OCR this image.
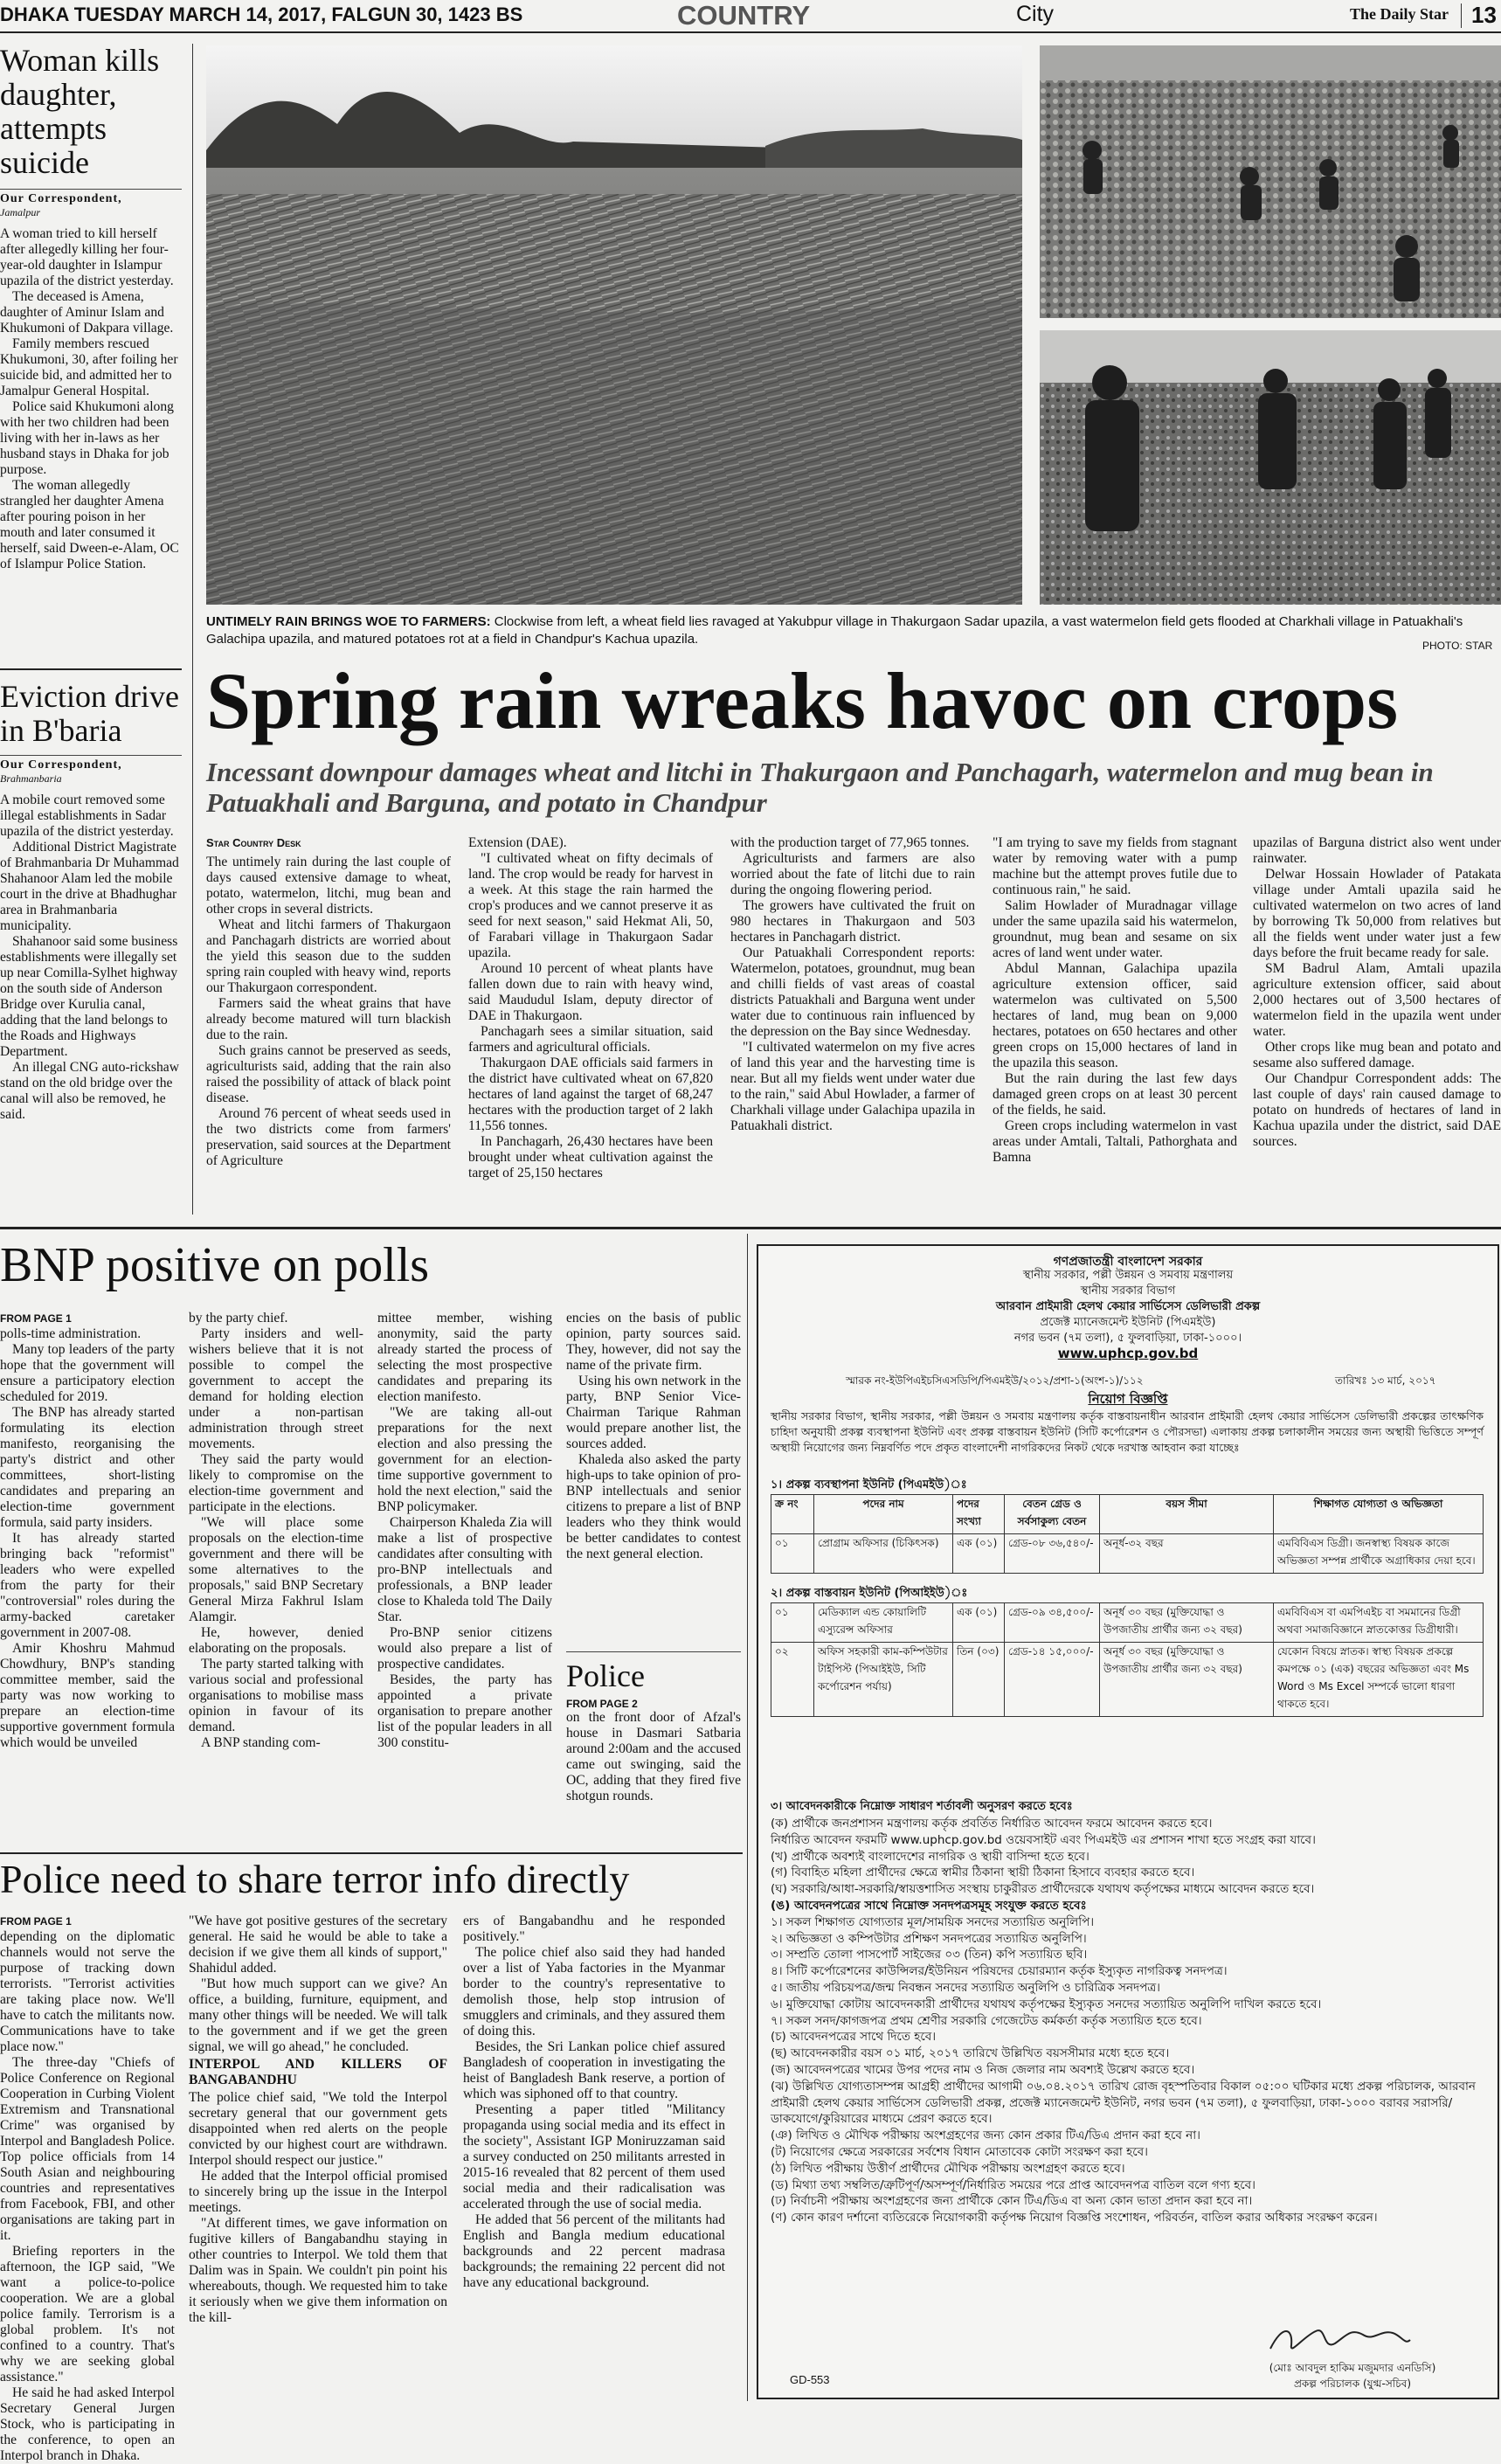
DHAKA TUESDAY MARCH 14, 2017, FALGUN 30, 1423 BS	COUNTRY	City	The Daily Star 13
Woman kills daughter, attempts suicide
Our Correspondent,
Jamalpur

A woman tried to kill herself after allegedly killing her four-year-old daughter in Islampur upazila of the district yesterday.

The deceased is Amena, daughter of Aminur Islam and Khukumoni of Dakpara village.

Family members rescued Khukumoni, 30, after foiling her suicide bid, and admitted her to Jamalpur General Hospital.

Police said Khukumoni along with her two children had been living with her in-laws as her husband stays in Dhaka for job purpose.

The woman allegedly strangled her daughter Amena after pouring poison in her mouth and later consumed it herself, said Dween-e-Alam, OC of Islampur Police Station.

Eviction drive in B'baria
Our Correspondent,
Brahmanbaria

A mobile court removed some illegal establishments in Sadar upazila of the district yesterday.

Additional District Magistrate of Brahmanbaria Dr Muhammad Shahanoor Alam led the mobile court in the drive at Bhadhughar area in Brahmanbaria municipality.

Shahanoor said some business establishments were illegally set up near Comilla-Sylhet highway on the south side of Anderson Bridge over Kurulia canal, adding that the land belongs to the Roads and Highways Department.

An illegal CNG auto-rickshaw stand on the old bridge over the canal will also be removed, he said.

UNTIMELY RAIN BRINGS WOE TO FARMERS: Clockwise from left, a wheat field lies ravaged at Yakubpur village in Thakurgaon Sadar upazila, a vast watermelon field gets flooded at Charkhali village in Patuakhali's Galachipa upazila, and matured potatoes rot at a field in Chandpur's Kachua upazila.	PHOTO: STAR
Spring rain wreaks havoc on crops
Incessant downpour damages wheat and litchi in Thakurgaon and Panchagarh, watermelon and mug bean in Patuakhali and Barguna, and potato in Chandpur
Star Country Desk

The untimely rain during the last couple of days caused extensive damage to wheat, potato, watermelon, litchi, mug bean and other crops in several districts.

Wheat and litchi farmers of Thakurgaon and Panchagarh districts are worried about the yield this season due to the sudden spring rain coupled with heavy wind, reports our Thakurgaon correspondent.

Farmers said the wheat grains that have already become matured will turn blackish due to the rain.

Such grains cannot be preserved as seeds, agriculturists said, adding that the rain also raised the possibility of attack of black point disease.

Around 76 percent of wheat seeds used in the two districts come from farmers' preservation, said sources at the Department of Agriculture

Extension (DAE).

"I cultivated wheat on fifty decimals of land. The crop would be ready for harvest in a week. At this stage the rain harmed the crop's produces and we cannot preserve it as seed for next season," said Hekmat Ali, 50, of Farabari village in Thakurgaon Sadar upazila.

Around 10 percent of wheat plants have fallen down due to rain with heavy wind, said Maududul Islam, deputy director of DAE in Thakurgaon.

Panchagarh sees a similar situation, said farmers and agricultural officials.

Thakurgaon DAE officials said farmers in the district have cultivated wheat on 67,820 hectares of land against the target of 68,247 hectares with the production target of 2 lakh 11,556 tonnes.

In Panchagarh, 26,430 hectares have been brought under wheat cultivation against the target of 25,150 hectares

with the production target of 77,965 tonnes.

Agriculturists and farmers are also worried about the fate of litchi due to rain during the ongoing flowering period.

The growers have cultivated the fruit on 980 hectares in Thakurgaon and 503 hectares in Panchagarh district.

Our Patuakhali Correspondent reports: Watermelon, potatoes, groundnut, mug bean and chilli fields of vast areas of coastal districts Patuakhali and Barguna went under water due to continuous rain influenced by the depression on the Bay since Wednesday.

"I cultivated watermelon on my five acres of land this year and the harvesting time is near. But all my fields went under water due to the rain," said Abul Howlader, a farmer of Charkhali village under Galachipa upazila in Patuakhali district.

"I am trying to save my fields from stagnant water by removing water with a pump machine but the attempt proves futile due to continuous rain," he said.

Salim Howlader of Muradnagar village under the same upazila said his watermelon, groundnut, mug bean and sesame on six acres of land went under water.

Abdul Mannan, Galachipa upazila agriculture extension officer, said watermelon was cultivated on 5,500 hectares of land, mug bean on 9,000 hectares, potatoes on 650 hectares and other green crops on 15,000 hectares of land in the upazila this season.

But the rain during the last few days damaged green crops on at least 30 percent of the fields, he said.

Green crops including watermelon in vast areas under Amtali, Taltali, Pathorghata and Bamna

upazilas of Barguna district also went under rainwater.

Delwar Hossain Howlader of Patakata village under Amtali upazila said he cultivated watermelon on two acres of land by borrowing Tk 50,000 from relatives but all the fields went under water just a few days before the fruit became ready for sale.

SM Badrul Alam, Amtali upazila agriculture extension officer, said about 2,000 hectares out of 3,500 hectares of watermelon field in the upazila went under water.

Other crops like mug bean and potato and sesame also suffered damage.

Our Chandpur Correspondent adds: The last couple of days' rain caused damage to potato on hundreds of hectares of land in Kachua upazila under the district, said DAE sources.

BNP positive on polls
FROM PAGE 1

polls-time administration.

Many top leaders of the party hope that the government will ensure a participatory election scheduled for 2019.

The BNP has already started formulating its election manifesto, reorganising the party's district and other committees, short-listing candidates and preparing an election-time government formula, said party insiders.

It has already started bringing back "reformist" leaders who were expelled from the party for their "controversial" roles during the army-backed caretaker government in 2007-08.

Amir Khoshru Mahmud Chowdhury, BNP's standing committee member, said the party was now working to prepare an election-time supportive government formula which would be unveiled

by the party chief.

Party insiders and well-wishers believe that it is not possible to compel the government to accept the demand for holding election under a non-partisan administration through street movements.

They said the party would likely to compromise on the election-time government and participate in the elections.

"We will place some proposals on the election-time government and there will be some alternatives to the proposals," said BNP Secretary General Mirza Fakhrul Islam Alamgir.

He, however, denied elaborating on the proposals.

The party started talking with various social and professional organisations to mobilise mass opinion in favour of its demand.

A BNP standing com-

mittee member, wishing anonymity, said the party already started the process of selecting the most prospective candidates and preparing its election manifesto.

"We are taking all-out preparations for the next election and also pressing the government for an election-time supportive government to hold the next election," said the BNP policymaker.

Chairperson Khaleda Zia will make a list of prospective candidates after consulting with pro-BNP intellectuals and professionals, a BNP leader close to Khaleda told The Daily Star.

Pro-BNP senior citizens would also prepare a list of prospective candidates.

Besides, the party has appointed a private organisation to prepare another list of the popular leaders in all 300 constitu-

encies on the basis of public opinion, party sources said. They, however, did not say the name of the private firm.

Using his own network in the party, BNP Senior Vice-Chairman Tarique Rahman would prepare another list, the sources added.

Khaleda also asked the party high-ups to take opinion of pro-BNP intellectuals and senior citizens to prepare a list of BNP leaders who they think would be better candidates to contest the next general election.

Police
FROM PAGE 2

on the front door of Afzal's house in Dasmari Satbaria around 2:00am and the accused came out swinging, said the OC, adding that they fired five shotgun rounds.

Police need to share terror info directly
FROM PAGE 1

depending on the diplomatic channels would not serve the purpose of tracking down terrorists. "Terrorist activities are taking place now. We'll have to catch the militants now. Communications have to take place now."

The three-day "Chiefs of Police Conference on Regional Cooperation in Curbing Violent Extremism and Transnational Crime" was organised by Interpol and Bangladesh Police. Top police officials from 14 South Asian and neighbouring countries and representatives from Facebook, FBI, and other organisations are taking part in it.

Briefing reporters in the afternoon, the IGP said, "We want a police-to-police cooperation. We are a global police family. Terrorism is a global problem. It's not confined to a country. That's why we are seeking global assistance."

He said he had asked Interpol Secretary General Jurgen Stock, who is participating in the conference, to open an Interpol branch in Dhaka.

"We have got positive gestures of the secretary general. He said he would be able to take a decision if we give them all kinds of support," Shahidul added.

"But how much support can we give? An office, a building, furniture, equipment, and many other things will be needed. We will talk to the government and if we get the green signal, we will go ahead," he concluded.

INTERPOL AND KILLERS OF BANGABANDHU

The police chief said, "We told the Interpol secretary general that our government gets disappointed when red alerts on the people convicted by our highest court are withdrawn. Interpol should respect our justice."

He added that the Interpol official promised to sincerely bring up the issue in the Interpol meetings.

"At different times, we gave information on fugitive killers of Bangabandhu staying in other countries to Interpol. We told them that Dalim was in Spain. We couldn't pin point his whereabouts, though. We requested him to take it seriously when we give them information on the kill-

ers of Bangabandhu and he responded positively."

The police chief also said they had handed over a list of Yaba factories in the Myanmar border to the country's representative to demolish those, help stop intrusion of smugglers and criminals, and they assured them of doing this.

Besides, the Sri Lankan police chief assured Bangladesh of cooperation in investigating the heist of Bangladesh Bank reserve, a portion of which was siphoned off to that country.

Presenting a paper titled "Militancy propaganda using social media and its effect in the society", Assistant IGP Moniruzzaman said a survey conducted on 250 militants arrested in 2015-16 revealed that 82 percent of them used social media and their radicalisation was accelerated through the use of social media.

He added that 56 percent of the militants had English and Bangla medium educational backgrounds and 22 percent madrasa backgrounds; the remaining 22 percent did not have any educational background.

গণপ্রজাতন্ত্রী বাংলাদেশ সরকার
স্থানীয় সরকার, পল্লী উন্নয়ন ও সমবায় মন্ত্রণালয়
স্থানীয় সরকার বিভাগ
আরবান প্রাইমারী হেলথ কেয়ার সার্ভিসেস ডেলিভারী প্রকল্প
প্রজেক্ট ম্যানেজমেন্ট ইউনিট (পিএমইউ)
নগর ভবন (৭ম তলা), ৫ ফুলবাড়িয়া, ঢাকা-১০০০।
www.uphcp.gov.bd
স্মারক নং-ইউপিএইচসিএসডিপি/পিএমইউ/২০১২/প্রশা-১(অংশ-১)/১১২	তারিখঃ ১৩ মার্চ, ২০১৭
নিয়োগ বিজ্ঞপ্তি
স্থানীয় সরকার বিভাগ, স্থানীয় সরকার, পল্লী উন্নয়ন ও সমবায় মন্ত্রণালয় কর্তৃক বাস্তবায়নাধীন আরবান প্রাইমারী হেলথ কেয়ার সার্ভিসেস ডেলিভারী প্রকল্পের তাৎক্ষণিক চাহিদা অনুযায়ী প্রকল্প ব্যবস্থাপনা ইউনিট এবং প্রকল্প বাস্তবায়ন ইউনিট (সিটি কর্পোরেশন ও পৌরসভা) এলাকায় প্রকল্প চলাকালীন সময়ের জন্য অস্থায়ী ভিত্তিতে সম্পূর্ণ অস্থায়ী নিয়োগের জন্য নিম্নবর্ণিত পদে প্রকৃত বাংলাদেশী নাগরিকদের নিকট থেকে দরখাস্ত আহবান করা যাচ্ছেঃ
১। প্রকল্প ব্যবস্থাপনা ইউনিট (পিএমইউ)ঃ
ক্র নং	পদের নাম	পদের সংখ্যা	বেতন গ্রেড ও সর্বসাকুল্য বেতন	বয়স সীমা	শিক্ষাগত যোগ্যতা ও অভিজ্ঞতা
০১	প্রোগ্রাম অফিসার (চিকিৎসক)	এক (০১)	গ্রেড-০৮ ৩৬,৫৪০/-	অনূর্ধ-৩২ বছর	এমবিবিএস ডিগ্রী। জনস্বাস্থ্য বিষয়ক কাজে অভিজ্ঞতা সম্পন্ন প্রার্থীকে অগ্রাধিকার দেয়া হবে।
২। প্রকল্প বাস্তবায়ন ইউনিট (পিআইইউ)ঃ
০১	মেডিক্যাল এন্ড কোয়ালিটি এস্যুরেন্স অফিসার	এক (০১)	গ্রেড-০৯ ৩৪,৫০০/-	অনূর্ধ ৩০ বছর (মুক্তিযোদ্ধা ও উপজাতীয় প্রার্থীর জন্য ৩২ বছর)	এমবিবিএস বা এমপিএইচ বা সমমানের ডিগ্রী অথবা সমাজবিজ্ঞানে স্নাতকোত্তর ডিগ্রীধারী।
০২	অফিস সহকারী কাম-কম্পিউটার টাইপিস্ট (পিআইইউ, সিটি কর্পোরেশন পর্যায়)	তিন (০৩)	গ্রেড-১৪ ১৫,০০০/-	অনূর্ধ ৩০ বছর (মুক্তিযোদ্ধা ও উপজাতীয় প্রার্থীর জন্য ৩২ বছর)	যেকোন বিষয়ে স্নাতক। স্বাস্থ্য বিষয়ক প্রকল্পে কমপক্ষে ০১ (এক) বছরের অভিজ্ঞতা এবং Ms Word ও Ms Excel সম্পর্কে ভালো ধারণা থাকতে হবে।
৩। আবেদনকারীকে নিম্নোক্ত সাধারণ শর্তাবলী অনুসরণ করতে হবেঃ
(ক) প্রার্থীকে জনপ্রশাসন মন্ত্রণালয় কর্তৃক প্রবর্তিত নির্ধারিত আবেদন ফরমে আবেদন করতে হবে।
নির্ধারিত আবেদন ফরমটি www.uphcp.gov.bd ওয়েবসাইট এবং পিএমইউ এর প্রশাসন শাখা হতে সংগ্রহ করা যাবে।
(খ) প্রার্থীকে অবশ্যই বাংলাদেশের নাগরিক ও স্থায়ী বাসিন্দা হতে হবে।
(গ) বিবাহিত মহিলা প্রার্থীদের ক্ষেত্রে স্বামীর ঠিকানা স্থায়ী ঠিকানা হিসাবে ব্যবহার করতে হবে।
(ঘ) সরকারি/আধা-সরকারি/স্বায়ত্তশাসিত সংস্থায় চাকুরীরত প্রার্থীদেরকে যথাযথ কর্তৃপক্ষের মাধ্যমে আবেদন করতে হবে।
(ঙ) আবেদনপত্রের সাথে নিম্নোক্ত সনদপত্রসমূহ সংযুক্ত করতে হবেঃ
১। সকল শিক্ষাগত যোগ্যতার মূল/সাময়িক সনদের সত্যায়িত অনুলিপি।
২। অভিজ্ঞতা ও কম্পিউটার প্রশিক্ষণ সনদপত্রের সত্যায়িত অনুলিপি।
৩। সম্প্রতি তোলা পাসপোর্ট সাইজের ০৩ (তিন) কপি সত্যায়িত ছবি।
৪। সিটি কর্পোরেশনের কাউন্সিলর/ইউনিয়ন পরিষদের চেয়ারম্যান কর্তৃক ইস্যুকৃত নাগরিকত্ব সনদপত্র।
৫। জাতীয় পরিচয়পত্র/জন্ম নিবন্ধন সনদের সত্যায়িত অনুলিপি ও চারিত্রিক সনদপত্র।
৬। মুক্তিযোদ্ধা কোটায় আবেদনকারী প্রার্থীদের যথাযথ কর্তৃপক্ষের ইস্যুকৃত সনদের সত্যায়িত অনুলিপি দাখিল করতে হবে।
৭। সকল সনদ/কাগজপত্র প্রথম শ্রেণীর সরকারি গেজেটেড কর্মকর্তা কর্তৃক সত্যায়িত হতে হবে।
(চ) আবেদনপত্রের সাথে দিতে হবে।
(ছ) আবেদনকারীর বয়স ০১ মার্চ, ২০১৭ তারিখে উল্লিখিত বয়সসীমার মধ্যে হতে হবে।
(জ) আবেদনপত্রের খামের উপর পদের নাম ও নিজ জেলার নাম অবশ্যই উল্লেখ করতে হবে।
(ঝ) উল্লিখিত যোগ্যতাসম্পন্ন আগ্রহী প্রার্থীদের আগামী ০৬.০৪.২০১৭ তারিখ রোজ বৃহস্পতিবার বিকাল ০৫:০০ ঘটিকার মধ্যে প্রকল্প পরিচালক, আরবান প্রাইমারী হেলথ কেয়ার সার্ভিসেস ডেলিভারী প্রকল্প, প্রজেক্ট ম্যানেজমেন্ট ইউনিট, নগর ভবন (৭ম তলা), ৫ ফুলবাড়িয়া, ঢাকা-১০০০ বরাবর সরাসরি/ডাকযোগে/কুরিয়ারের মাধ্যমে প্রেরণ করতে হবে।
(ঞ) লিখিত ও মৌখিক পরীক্ষায় অংশগ্রহণের জন্য কোন প্রকার টিএ/ডিএ প্রদান করা হবে না।
(ট) নিয়োগের ক্ষেত্রে সরকারের সর্বশেষ বিধান মোতাবেক কোটা সংরক্ষণ করা হবে।
(ঠ) লিখিত পরীক্ষায় উত্তীর্ণ প্রার্থীদের মৌখিক পরীক্ষায় অংশগ্রহণ করতে হবে।
(ড) মিথ্যা তথ্য সম্বলিত/ত্রুটিপূর্ণ/অসম্পূর্ণ/নির্ধারিত সময়ের পরে প্রাপ্ত আবেদনপত্র বাতিল বলে গণ্য হবে।
(ঢ) নির্বাচনী পরীক্ষায় অংশগ্রহণের জন্য প্রার্থীকে কোন টিএ/ডিএ বা অন্য কোন ভাতা প্রদান করা হবে না।
(ণ) কোন কারণ দর্শানো ব্যতিরেকে নিয়োগকারী কর্তৃপক্ষ নিয়োগ বিজ্ঞপ্তি সংশোধন, পরিবর্তন, বাতিল করার অধিকার সংরক্ষণ করেন।
GD-553
(মোঃ আবদুল হাকিম মজুমদার এনডিসি)
প্রকল্প পরিচালক (যুগ্ম-সচিব)
